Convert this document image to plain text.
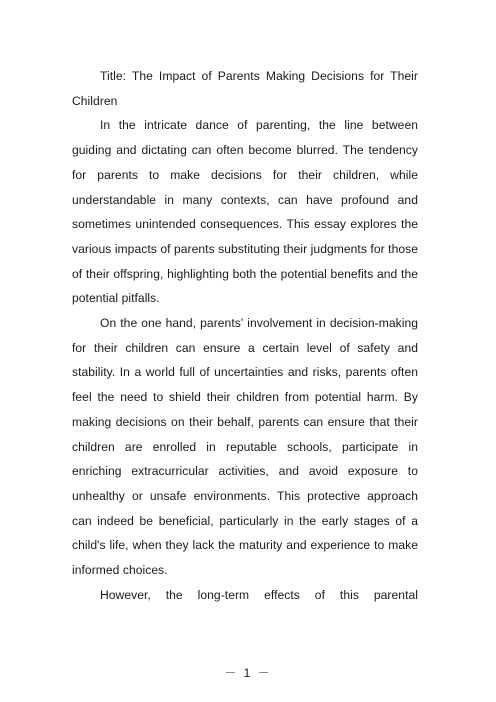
Title: The Impact of Parents Making Decisions for Their Children

In the intricate dance of parenting, the line between guiding and dictating can often become blurred. The tendency for parents to make decisions for their children, while understandable in many contexts, can have profound and sometimes unintended consequences. This essay explores the various impacts of parents substituting their judgments for those of their offspring, highlighting both the potential benefits and the potential pitfalls.

On the one hand, parents' involvement in decision-making for their children can ensure a certain level of safety and stability. In a world full of uncertainties and risks, parents often feel the need to shield their children from potential harm. By making decisions on their behalf, parents can ensure that their children are enrolled in reputable schools, participate in enriching extracurricular activities, and avoid exposure to unhealthy or unsafe environments. This protective approach can indeed be beneficial, particularly in the early stages of a child's life, when they lack the maturity and experience to make informed choices.

However, the long-term effects of this parental

－ 1 －
